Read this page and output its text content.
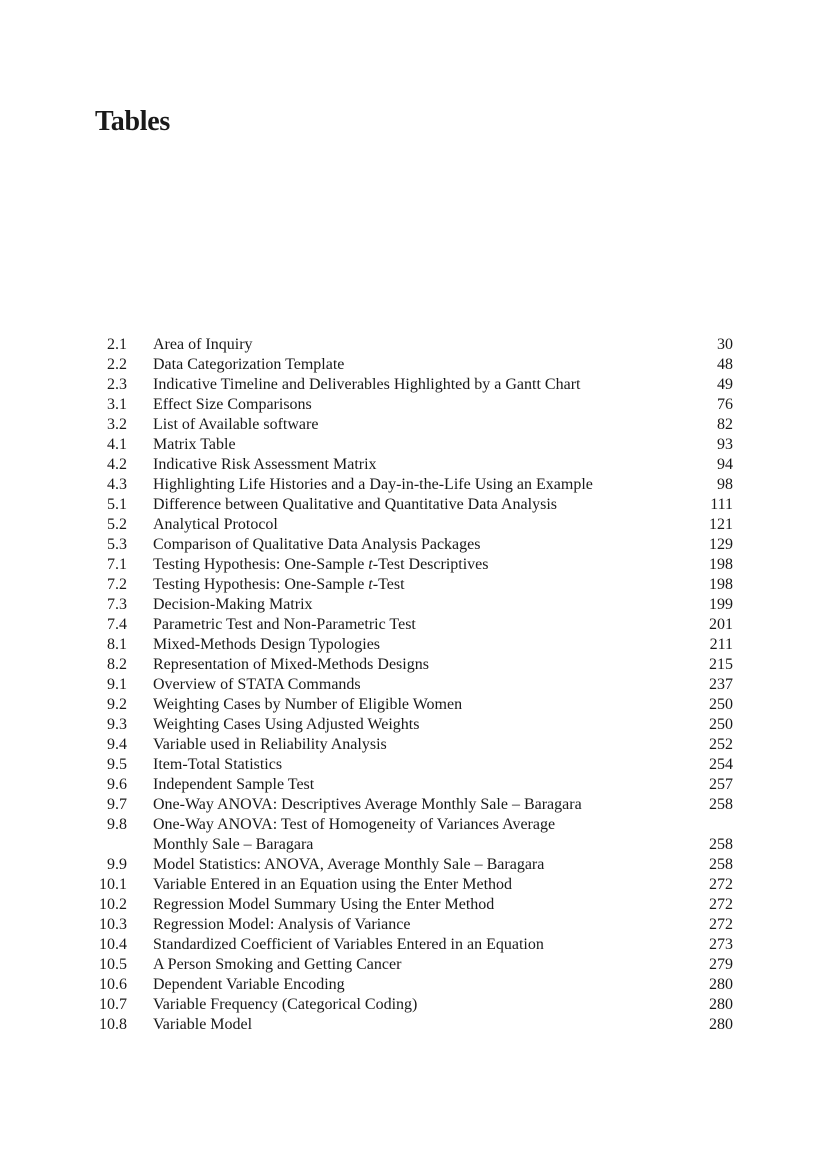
Tables
2.1 Area of Inquiry	30
2.2 Data Categorization Template	48
2.3 Indicative Timeline and Deliverables Highlighted by a Gantt Chart	49
3.1 Effect Size Comparisons	76
3.2 List of Available software	82
4.1 Matrix Table	93
4.2 Indicative Risk Assessment Matrix	94
4.3 Highlighting Life Histories and a Day-in-the-Life Using an Example	98
5.1 Difference between Qualitative and Quantitative Data Analysis	111
5.2 Analytical Protocol	121
5.3 Comparison of Qualitative Data Analysis Packages	129
7.1 Testing Hypothesis: One-Sample t-Test Descriptives	198
7.2 Testing Hypothesis: One-Sample t-Test	198
7.3 Decision-Making Matrix	199
7.4 Parametric Test and Non-Parametric Test	201
8.1 Mixed-Methods Design Typologies	211
8.2 Representation of Mixed-Methods Designs	215
9.1 Overview of STATA Commands	237
9.2 Weighting Cases by Number of Eligible Women	250
9.3 Weighting Cases Using Adjusted Weights	250
9.4 Variable used in Reliability Analysis	252
9.5 Item-Total Statistics	254
9.6 Independent Sample Test	257
9.7 One-Way ANOVA: Descriptives Average Monthly Sale – Baragara	258
9.8 One-Way ANOVA: Test of Homogeneity of Variances Average
Monthly Sale – Baragara	258
9.9 Model Statistics: ANOVA, Average Monthly Sale – Baragara	258
10.1 Variable Entered in an Equation using the Enter Method	272
10.2 Regression Model Summary Using the Enter Method	272
10.3 Regression Model: Analysis of Variance	272
10.4 Standardized Coefficient of Variables Entered in an Equation	273
10.5 A Person Smoking and Getting Cancer	279
10.6 Dependent Variable Encoding	280
10.7 Variable Frequency (Categorical Coding)	280
10.8 Variable Model	280
